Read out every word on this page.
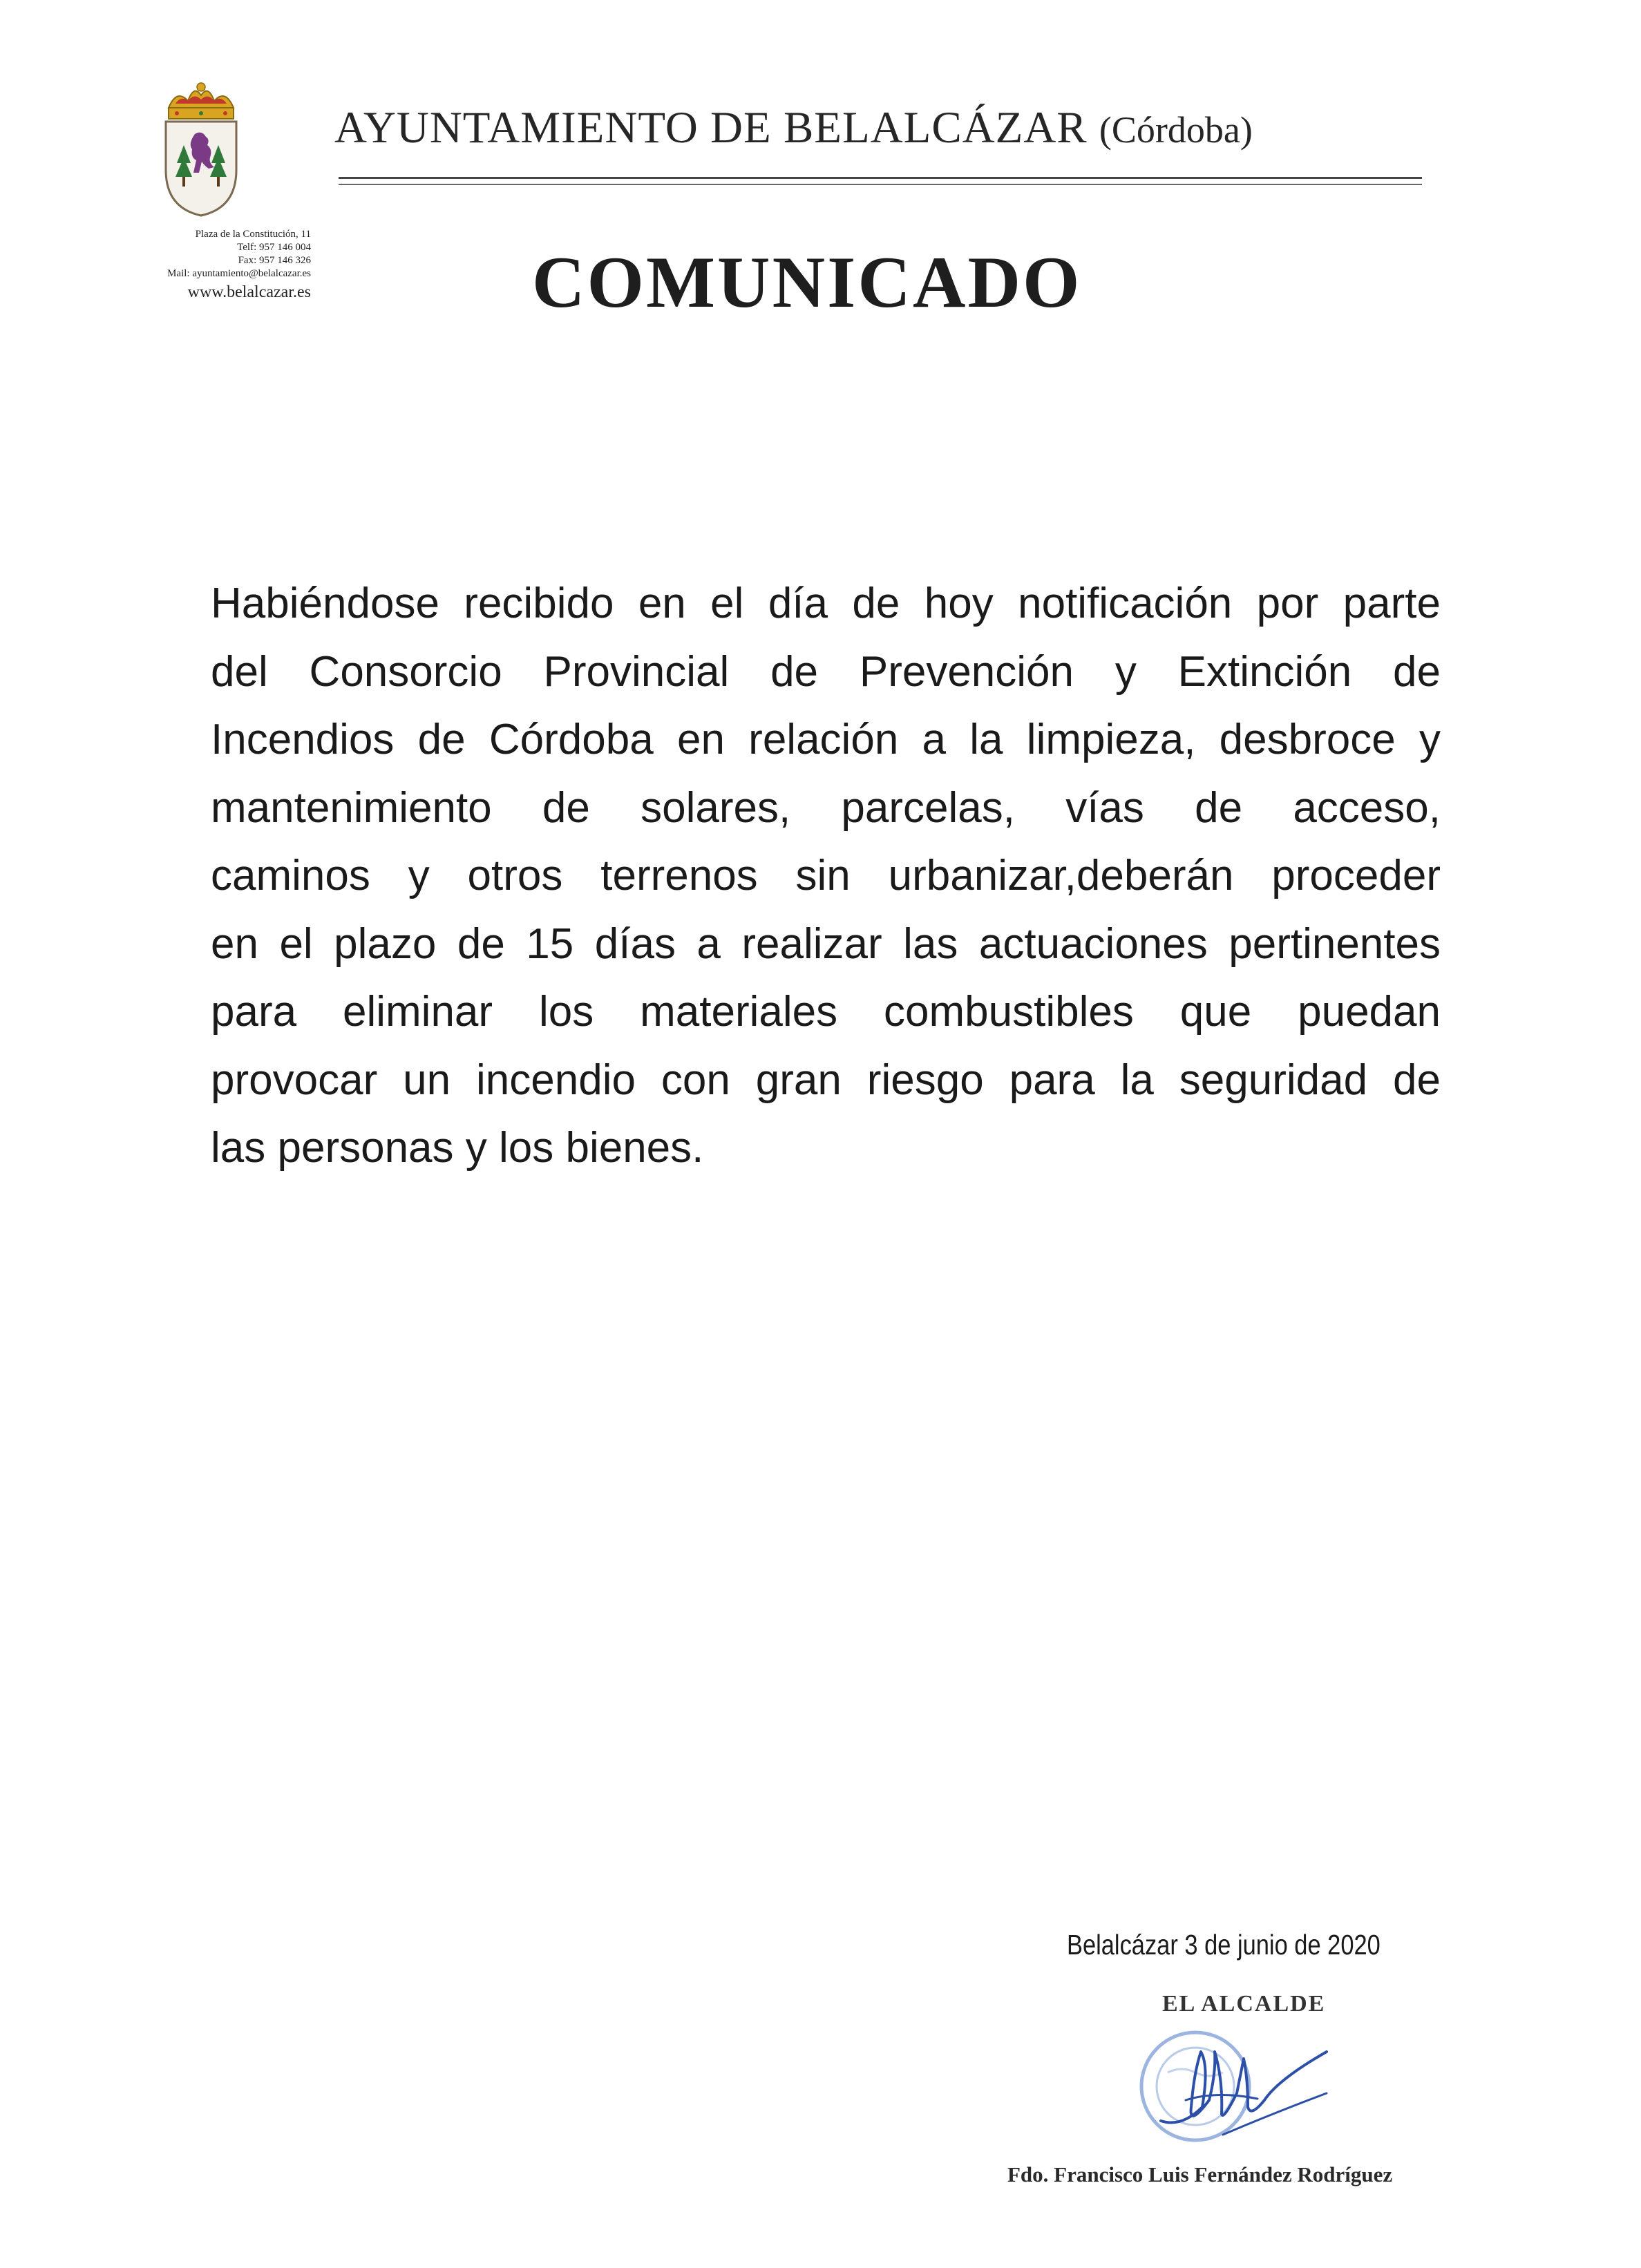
Plaza de la Constitución, 11
Telf: 957 146 004
Fax: 957 146 326
Mail: ayuntamiento@belalcazar.es
www.belalcazar.es
AYUNTAMIENTO DE BELALCÁZAR (Córdoba)
COMUNICADO
Habiéndose recibido en el día de hoy notificación por parte
del Consorcio Provincial de Prevención y Extinción de
Incendios de Córdoba en relación a la limpieza, desbroce y
mantenimiento de solares, parcelas, vías de acceso,
caminos y otros terrenos sin urbanizar,deberán proceder
en el plazo de 15 días a realizar las actuaciones pertinentes
para eliminar los materiales combustibles que puedan
provocar un incendio con gran riesgo para la seguridad de
las personas y los bienes.
Belalcázar 3 de junio de 2020
EL ALCALDE
Fdo. Francisco Luis Fernández Rodríguez
